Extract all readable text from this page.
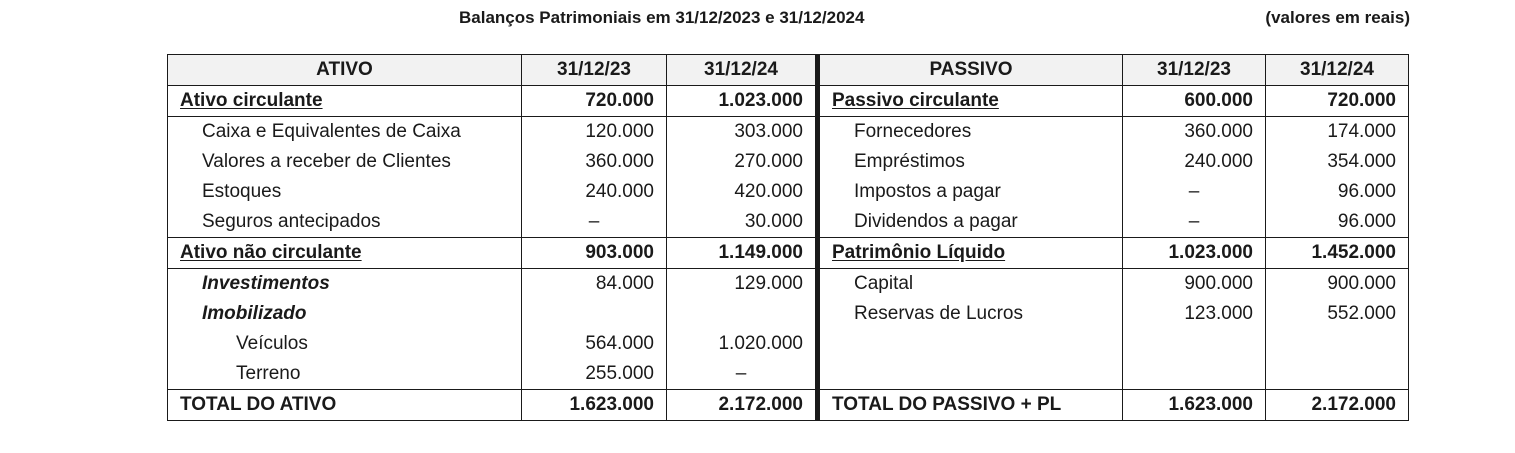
Balanços Patrimoniais em 31/12/2023 e 31/12/2024	(valores em reais)
ATIVO	31/12/23	31/12/24	PASSIVO	31/12/23	31/12/24
Ativo circulante	720.000	1.023.000	Passivo circulante	600.000	720.000
Caixa e Equivalentes de Caixa	120.000	303.000	Fornecedores	360.000	174.000
Valores a receber de Clientes	360.000	270.000	Empréstimos	240.000	354.000
Estoques	240.000	420.000	Impostos a pagar	–	96.000
Seguros antecipados	–	30.000	Dividendos a pagar	–	96.000
Ativo não circulante	903.000	1.149.000	Patrimônio Líquido	1.023.000	1.452.000
Investimentos	84.000	129.000	Capital	900.000	900.000
Imobilizado			Reservas de Lucros	123.000	552.000
Veículos	564.000	1.020.000			
Terreno	255.000	–			
TOTAL DO ATIVO	1.623.000	2.172.000	TOTAL DO PASSIVO + PL	1.623.000	2.172.000
